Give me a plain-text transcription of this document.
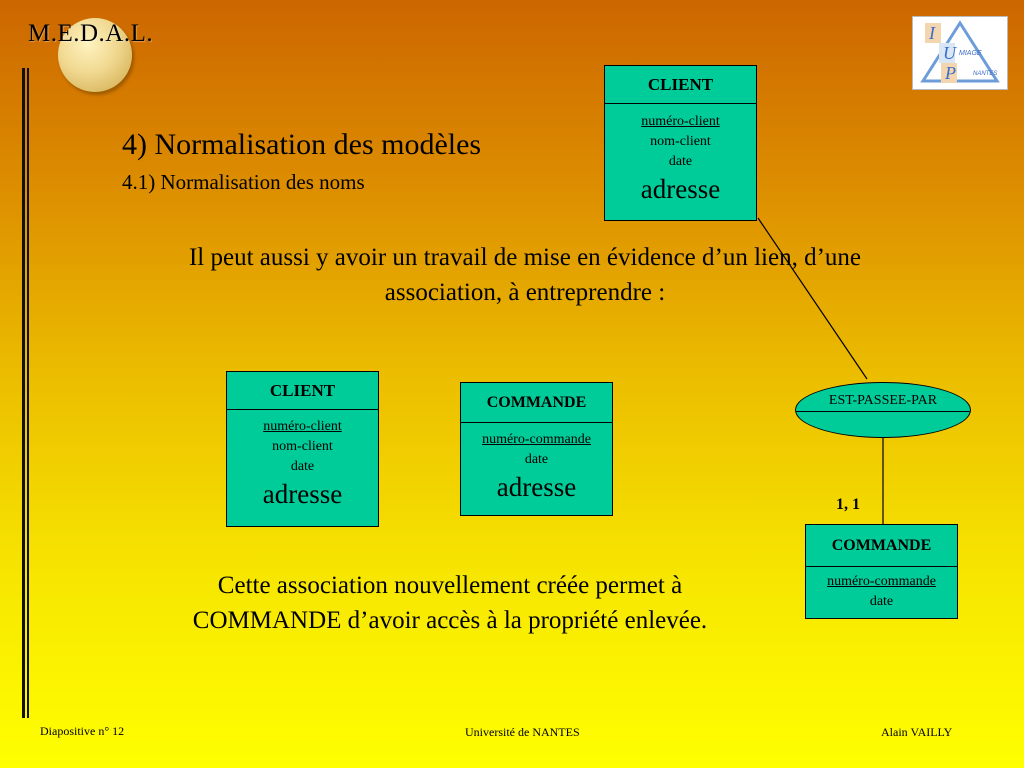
M.E.D.A.L.	I
U
P
MIAGE
NANTES
4) Normalisation des modèles
4.1) Normalisation des noms
Il peut aussi y avoir un travail de mise en évidence d’un lien, d’une association, à entreprendre :
CLIENT
numéro-client
nom-client
date
adresse
CLIENT
numéro-client
nom-client
date
adresse
COMMANDE
numéro-commande
date
adresse
EST-PASSEE-PAR
1, 1
COMMANDE
numéro-commande
date
Cette association nouvellement créée permet à COMMANDE d’avoir accès à la propriété enlevée.
Diapositive n° 12	Université de NANTES	Alain VAILLY
